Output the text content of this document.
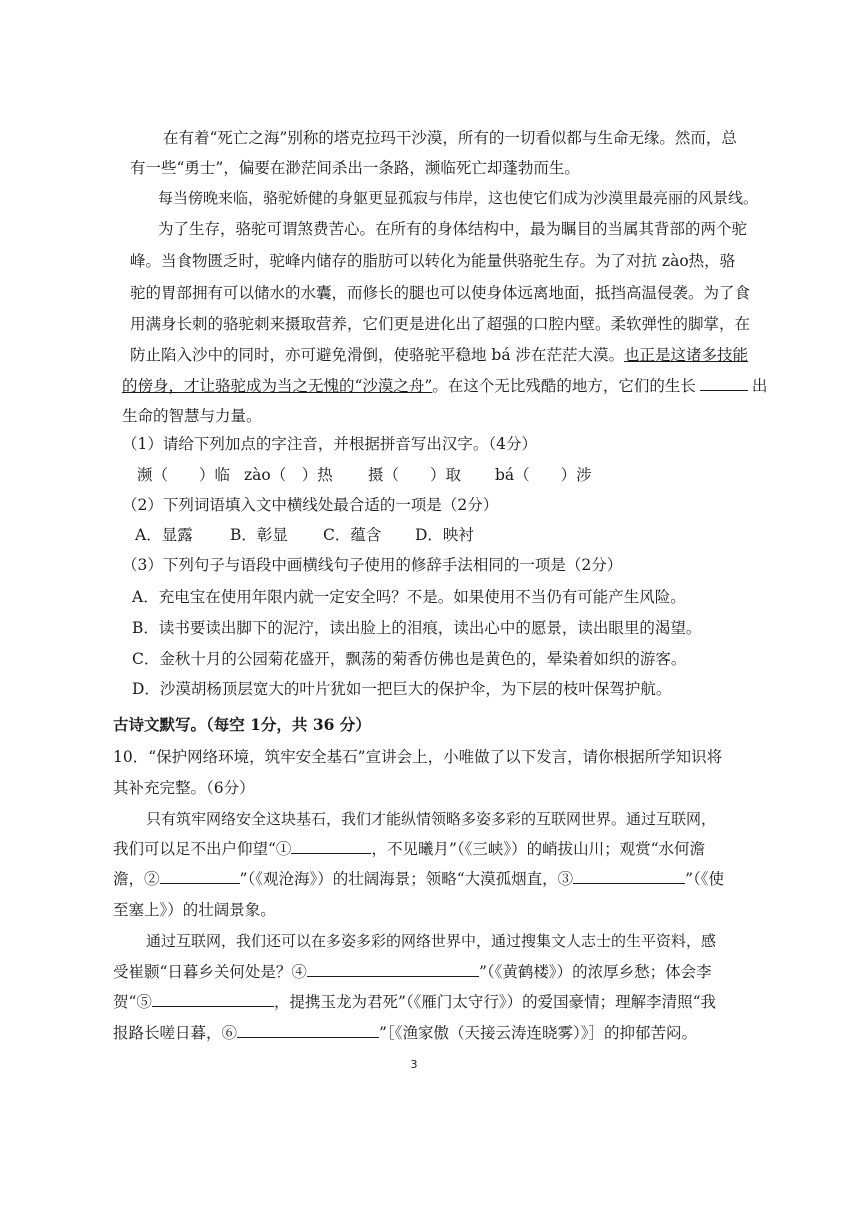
在有着“死亡之海”别称的塔克拉玛干沙漠，所有的一切看似都与生命无缘。然而，总
有一些“勇士”，偏要在渺茫间杀出一条路，濒临死亡却蓬勃而生。
每当傍晚来临，骆驼娇健的身躯更显孤寂与伟岸，这也使它们成为沙漠里最亮丽的风景线。
为了生存，骆驼可谓煞费苦心。在所有的身体结构中，最为瞩目的当属其背部的两个驼
峰。当食物匮乏时，驼峰内储存的脂肪可以转化为能量供骆驼生存。为了对抗 zào热，骆
驼的胃部拥有可以储水的水囊，而修长的腿也可以使身体远离地面，抵挡高温侵袭。为了食
用满身长刺的骆驼刺来摄取营养，它们更是进化出了超强的口腔内壁。柔软弹性的脚掌，在
防止陷入沙中的同时，亦可避免滑倒，使骆驼平稳地 bá 涉在茫茫大漠。也正是这诸多技能
的傍身，才让骆驼成为当之无愧的“沙漠之舟”。在这个无比残酷的地方，它们的生长	出
生命的智慧与力量。
（1）请给下列加点的字注音，并根据拼音写出汉字。（4分）
濒（　　）临 zào（　）热 摄（　　）取 bá（　　）涉
（2）下列词语填入文中横线处最合适的一项是（2分）
A．显露 B．彰显 C．蕴含 D．映衬
（3）下列句子与语段中画横线句子使用的修辞手法相同的一项是（2分）
A．充电宝在使用年限内就一定安全吗？不是。如果使用不当仍有可能产生风险。
B．读书要读出脚下的泥泞，读出脸上的泪痕，读出心中的愿景，读出眼里的渴望。
C．金秋十月的公园菊花盛开，飘荡的菊香仿佛也是黄色的，晕染着如织的游客。
D．沙漠胡杨顶层宽大的叶片犹如一把巨大的保护伞，为下层的枝叶保驾护航。
古诗文默写。（每空 1分，共 36 分）
10．“保护网络环境，筑牢安全基石”宣讲会上，小唯做了以下发言，请你根据所学知识将
其补充完整。（6分）
只有筑牢网络安全这块基石，我们才能纵情领略多姿多彩的互联网世界。通过互联网，
我们可以足不出户仰望“①	，不见曦月”（《三峡》）的峭拔山川；观赏“水何澹
澹，②	”（《观沧海》）的壮阔海景；领略“大漠孤烟直，③	”（《使
至塞上》）的壮阔景象。
通过互联网，我们还可以在多姿多彩的网络世界中，通过搜集文人志士的生平资料，感
受崔颢“日暮乡关何处是？④	”（《黄鹤楼》）的浓厚乡愁；体会李
贺“⑤	，提携玉龙为君死”（《雁门太守行》）的爱国豪情；理解李清照“我
报路长嗟日暮，⑥	”［《渔家傲（天接云涛连晓雾）》］的抑郁苦闷。
3
